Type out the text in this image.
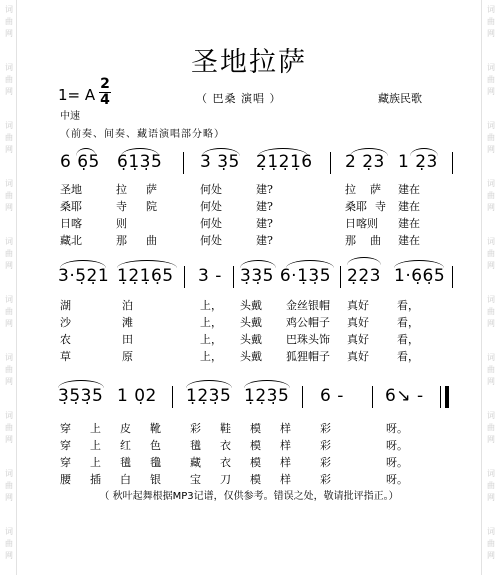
词
曲
网
词
曲
网
词
曲
网
词
曲
网
词
曲
网
词
曲
网
词
曲
网
词
曲
网
词
曲
网
词
曲
网
词
曲
网
词
曲
网
词
曲
网
词
曲
网
词
曲
网
词
曲
网
词
曲
网
词
曲
网
词
曲
网
词
曲
网
圣地拉萨
1= A
2
4	（ 巴桑 演唱 ）	藏族民歌
中速
（前奏、间奏、藏语演唱部分略）
6 6̣5 6̣1̣3̣5 3 3̣5 2̣1̣2̣1̣6 2 2̣3 1 2̣3
圣地	拉 萨	何处	建?	拉 萨 建在
桑耶	寺 院	何处	建?	桑耶 寺 建在
日喀	则	何处	建?	日喀则 建在
藏北	那 曲	何处	建?	那 曲 建在
3·5̣2̣1 1̣2̣1̣6̣5 3 - 3̣3̣5 6·1̣3̣5 2̣2̣3 1·6̣6̣5
湖	泊	上， 头戴 金丝银帽 真好	看，
沙	滩	上， 头戴 鸡公帽子 真好	看，
农	田	上， 头戴 巴珠头饰 真好	看，
草	原	上， 头戴 狐狸帽子 真好	看，
3̣5̣3̣5 1 0̣2 1̣2̣3̣5 1̣2̣3̣5 6 - 6↘ -
穿 上 皮 靴	彩 鞋 模 样	彩	呀。
穿 上 红 色	氆 衣 模 样	彩	呀。
穿 上 氆 氇	藏 衣 模 样	彩	呀。
腰 插 白 银	宝 刀 模 样	彩	呀。
（ 秋叶起舞根据MP3记谱，仅供参考。错误之处，敬请批评指正。）
